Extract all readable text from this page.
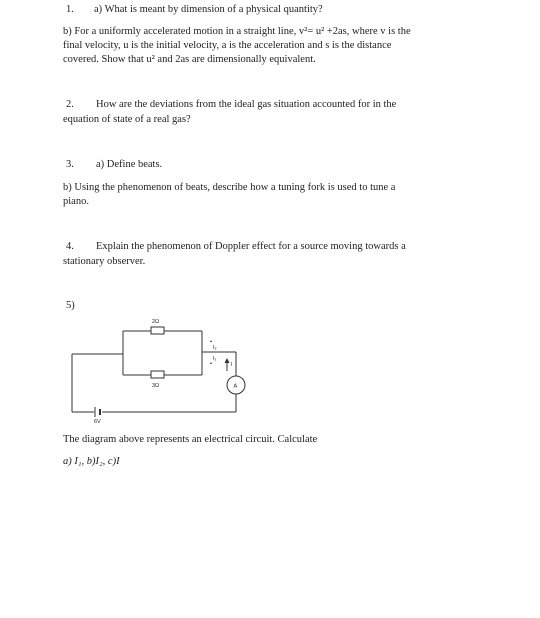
1. a) What is meant by dimension of a physical quantity?
b) For a uniformly accelerated motion in a straight line, v²= u² +2as, where v is the
final velocity, u is the initial velocity, a is the acceleration and s is the distance
covered. Show that u² and 2as are dimensionally equivalent.
2. How are the deviations from the ideal gas situation accounted for in the
equation of state of a real gas?
3. a) Define beats.
b) Using the phenomenon of beats, describe how a tuning fork is used to tune a
piano.
4. Explain the phenomenon of Doppler effect for a source moving towards a
stationary observer.
5)
2Ω
3Ω
I₂
I₁
I
A
6V
The diagram above represents an electrical circuit. Calculate
a) I₁, b)I₂, c)I
